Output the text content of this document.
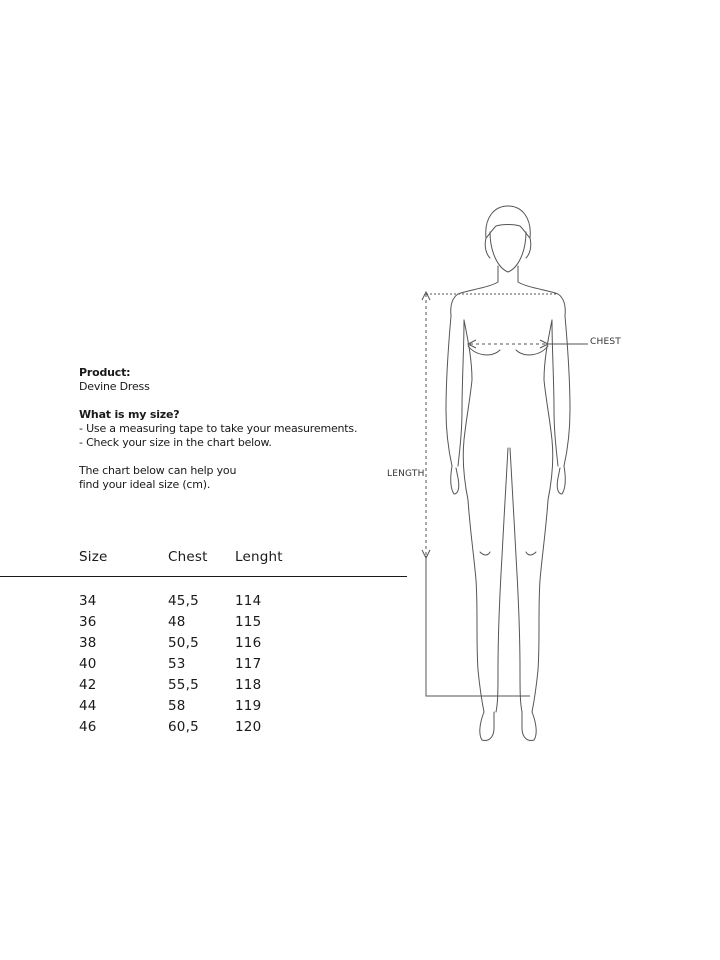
Product:

Devine Dress

What is my size?

- Use a measuring tape to take your measurements.

- Check your size in the chart below.

The chart below can help you

find your ideal size (cm).

Size	Chest Lenght
34	45,5	114
36	48	115
38	50,5	116
40	53	117
42	55,5	118
44	58	119
46	60,5	120
CHEST
LENGTH
